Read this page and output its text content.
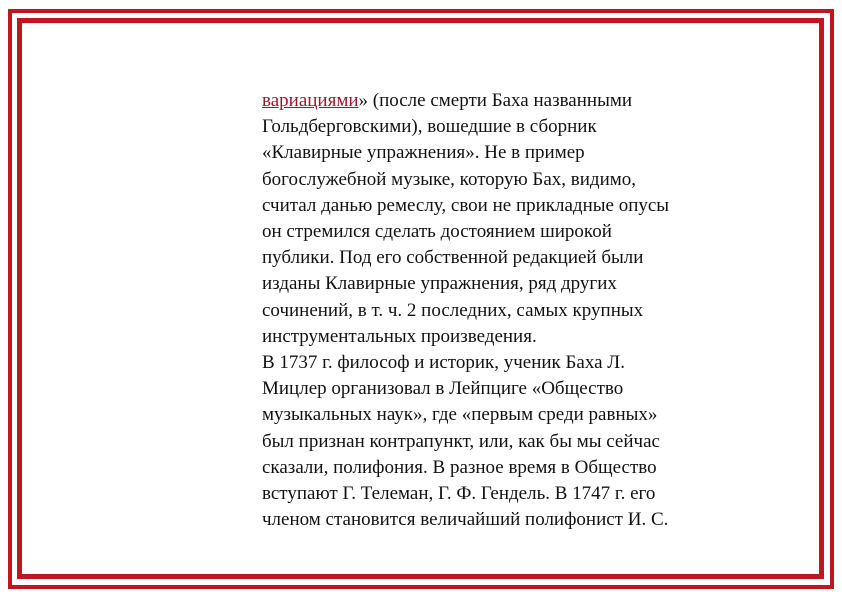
вариациями» (после смерти Баха названными
Гольдберговскими), вошедшие в сборник
«Клавирные упражнения». Не в пример
богослужебной музыке, которую Бах, видимо,
считал данью ремеслу, свои не прикладные опусы
он стремился сделать достоянием широкой
публики. Под его собственной редакцией были
изданы Клавирные упражнения, ряд других
сочинений, в т. ч. 2 последних, самых крупных
инструментальных произведения.
В 1737 г. философ и историк, ученик Баха Л.
Мицлер организовал в Лейпциге «Общество
музыкальных наук», где «первым среди равных»
был признан контрапункт, или, как бы мы сейчас
сказали, полифония. В разное время в Общество
вступают Г. Телеман, Г. Ф. Гендель. В 1747 г. его
членом становится величайший полифонист И. С.
